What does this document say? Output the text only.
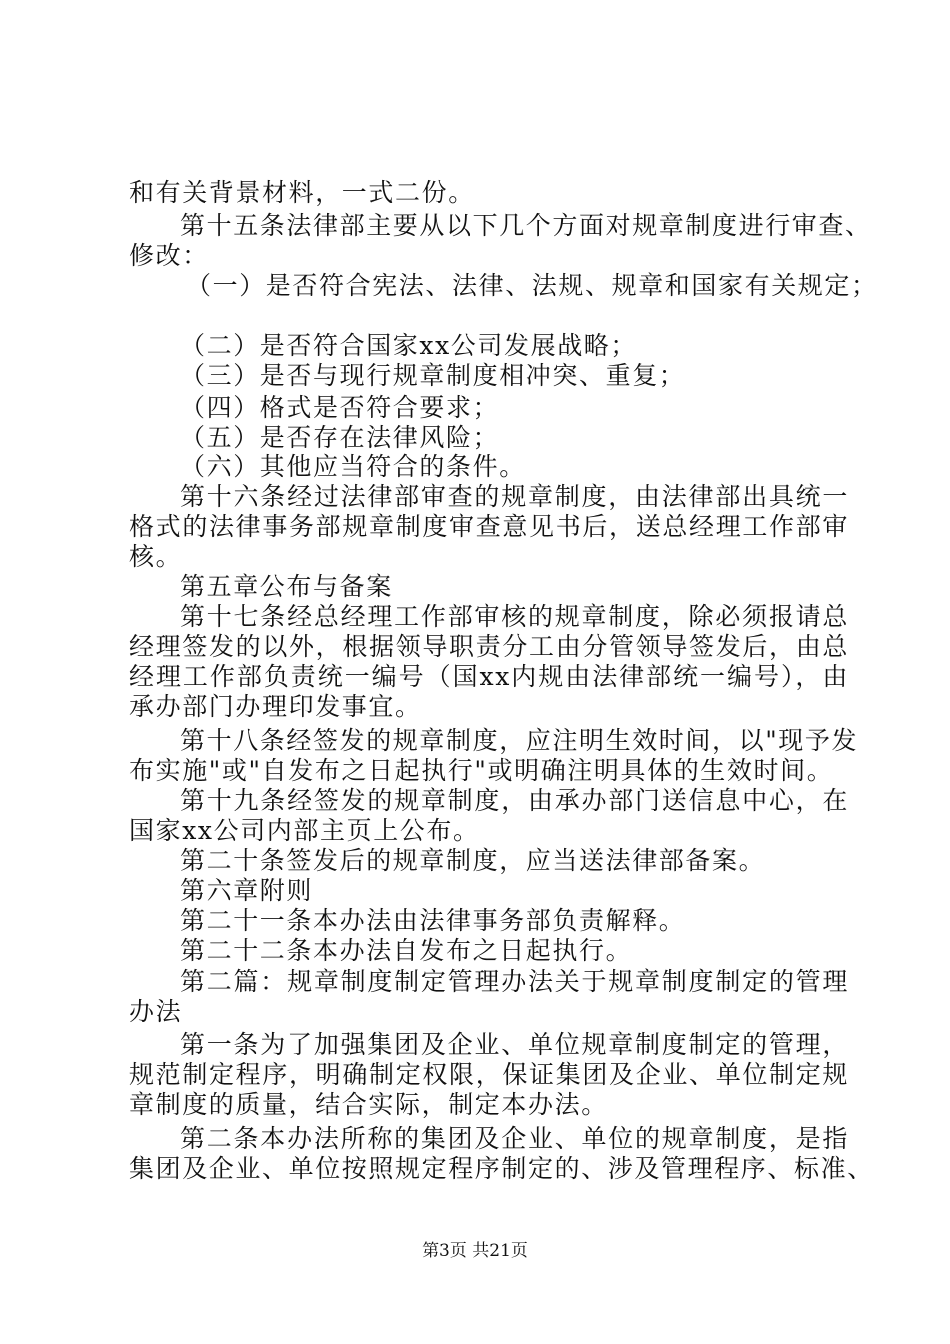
和有关背景材料，一式二份。
第十五条法律部主要从以下几个方面对规章制度进行审查、
修改：
（一）是否符合宪法、法律、法规、规章和国家有关规定；
（二）是否符合国家xx公司发展战略；
（三）是否与现行规章制度相冲突、重复；
（四）格式是否符合要求；
（五）是否存在法律风险；
（六）其他应当符合的条件。
第十六条经过法律部审查的规章制度，由法律部出具统一
格式的法律事务部规章制度审查意见书后，送总经理工作部审
核。
第五章公布与备案
第十七条经总经理工作部审核的规章制度，除必须报请总
经理签发的以外，根据领导职责分工由分管领导签发后，由总
经理工作部负责统一编号（国xx内规由法律部统一编号），由
承办部门办理印发事宜。
第十八条经签发的规章制度，应注明生效时间，以"现予发
布实施"或"自发布之日起执行"或明确注明具体的生效时间。
第十九条经签发的规章制度，由承办部门送信息中心，在
国家xx公司内部主页上公布。
第二十条签发后的规章制度，应当送法律部备案。
第六章附则
第二十一条本办法由法律事务部负责解释。
第二十二条本办法自发布之日起执行。
第二篇：规章制度制定管理办法关于规章制度制定的管理
办法
第一条为了加强集团及企业、单位规章制度制定的管理，
规范制定程序，明确制定权限，保证集团及企业、单位制定规
章制度的质量，结合实际，制定本办法。
第二条本办法所称的集团及企业、单位的规章制度，是指
集团及企业、单位按照规定程序制定的、涉及管理程序、标准、
第3页 共21页
